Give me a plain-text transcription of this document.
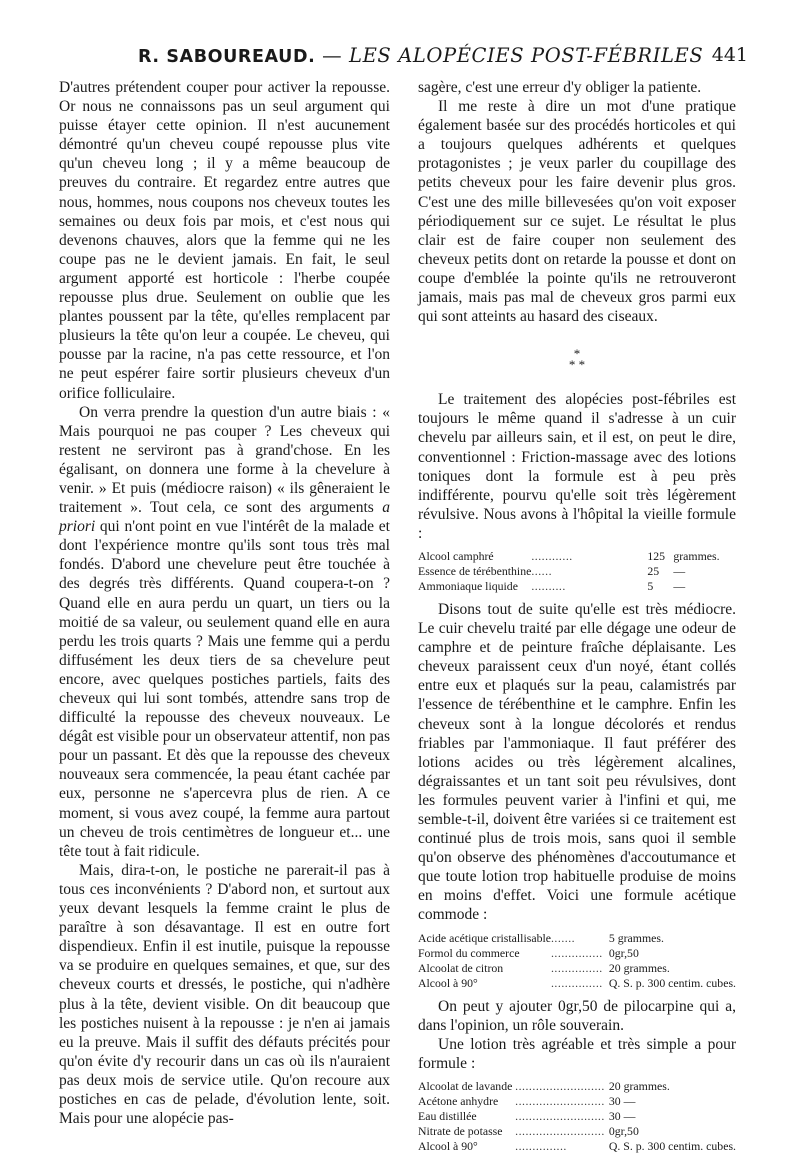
R. SABOUREAUD. — LES ALOPÉCIES POST-FÉBRILES 441

D'autres prétendent couper pour activer la repousse. Or nous ne connaissons pas un seul argument qui puisse étayer cette opinion. Il n'est aucunement démontré qu'un cheveu coupé repousse plus vite qu'un cheveu long ; il y a même beaucoup de preuves du contraire. Et regardez entre autres que nous, hommes, nous coupons nos cheveux toutes les semaines ou deux fois par mois, et c'est nous qui devenons chauves, alors que la femme qui ne les coupe pas ne le devient jamais. En fait, le seul argument apporté est horticole : l'herbe coupée repousse plus drue. Seulement on oublie que les plantes poussent par la tête, qu'elles remplacent par plusieurs la tête qu'on leur a coupée. Le cheveu, qui pousse par la racine, n'a pas cette ressource, et l'on ne peut espérer faire sortir plusieurs cheveux d'un orifice folliculaire.

On verra prendre la question d'un autre biais : « Mais pourquoi ne pas couper ? Les cheveux qui restent ne serviront pas à grand'chose. En les égalisant, on donnera une forme à la chevelure à venir. » Et puis (médiocre raison) « ils gêneraient le traitement ». Tout cela, ce sont des arguments a priori qui n'ont point en vue l'intérêt de la malade et dont l'expérience montre qu'ils sont tous très mal fondés. D'abord une chevelure peut être touchée à des degrés très différents. Quand coupera-t-on ? Quand elle en aura perdu un quart, un tiers ou la moitié de sa valeur, ou seulement quand elle en aura perdu les trois quarts ? Mais une femme qui a perdu diffusément les deux tiers de sa chevelure peut encore, avec quelques postiches partiels, faits des cheveux qui lui sont tombés, attendre sans trop de difficulté la repousse des cheveux nouveaux. Le dégât est visible pour un observateur attentif, non pas pour un passant. Et dès que la repousse des cheveux nouveaux sera commencée, la peau étant cachée par eux, personne ne s'apercevra plus de rien. A ce moment, si vous avez coupé, la femme aura partout un cheveu de trois centimètres de longueur et... une tête tout à fait ridicule.

Mais, dira-t-on, le postiche ne parerait-il pas à tous ces inconvénients ? D'abord non, et surtout aux yeux devant lesquels la femme craint le plus de paraître à son désavantage. Il est en outre fort dispendieux. Enfin il est inutile, puisque la repousse va se produire en quelques semaines, et que, sur des cheveux courts et dressés, le postiche, qui n'adhère plus à la tête, devient visible. On dit beaucoup que les postiches nuisent à la repousse : je n'en ai jamais eu la preuve. Mais il suffit des défauts précités pour qu'on évite d'y recourir dans un cas où ils n'auraient pas deux mois de service utile. Qu'on recoure aux postiches en cas de pelade, d'évolution lente, soit. Mais pour une alopécie pas-

sagère, c'est une erreur d'y obliger la patiente.

Il me reste à dire un mot d'une pratique également basée sur des procédés horticoles et qui a toujours quelques adhérents et quelques protagonistes ; je veux parler du coupillage des petits cheveux pour les faire devenir plus gros. C'est une des mille billevesées qu'on voit exposer périodiquement sur ce sujet. Le résultat le plus clair est de faire couper non seulement des cheveux petits dont on retarde la pousse et dont on coupe d'emblée la pointe qu'ils ne retrouveront jamais, mais pas mal de cheveux gros parmi eux qui sont atteints au hasard des ciseaux.

*
* *

Le traitement des alopécies post-fébriles est toujours le même quand il s'adresse à un cuir chevelu par ailleurs sain, et il est, on peut le dire, conventionnel : Friction-massage avec des lotions toniques dont la formule est à peu près indifférente, pourvu qu'elle soit très légèrement révulsive. Nous avons à l'hôpital la vieille formule :

Alcool camphré	............	125	grammes.
Essence de térébenthine	......	25	—
Ammoniaque liquide	..........	5	—

Disons tout de suite qu'elle est très médiocre. Le cuir chevelu traité par elle dégage une odeur de camphre et de peinture fraîche déplaisante. Les cheveux paraissent ceux d'un noyé, étant collés entre eux et plaqués sur la peau, calamistrés par l'essence de térébenthine et le camphre. Enfin les cheveux sont à la longue décolorés et rendus friables par l'ammoniaque. Il faut préférer des lotions acides ou très légèrement alcalines, dégraissantes et un tant soit peu révulsives, dont les formules peuvent varier à l'infini et qui, me semble-t-il, doivent être variées si ce traitement est continué plus de trois mois, sans quoi il semble qu'on observe des phénomènes d'accoutumance et que toute lotion trop habituelle produise de moins en moins d'effet. Voici une formule acétique commode :

Acide acétique cristallisable	.......	5 grammes.
Formol du commerce	...............	0gr,50
Alcoolat de citron	...............	20 grammes.
Alcool à 90°	...............	Q. S. p. 300 centim. cubes.

On peut y ajouter 0gr,50 de pilocarpine qui a, dans l'opinion, un rôle souverain.

Une lotion très agréable et très simple a pour formule :

Alcoolat de lavande	..........................	20 grammes.
Acétone anhydre	..........................	30 —
Eau distillée	..........................	30 —
Nitrate de potasse	..........................	0gr,50
Alcool à 90°	...............	Q. S. p. 300 centim. cubes.
